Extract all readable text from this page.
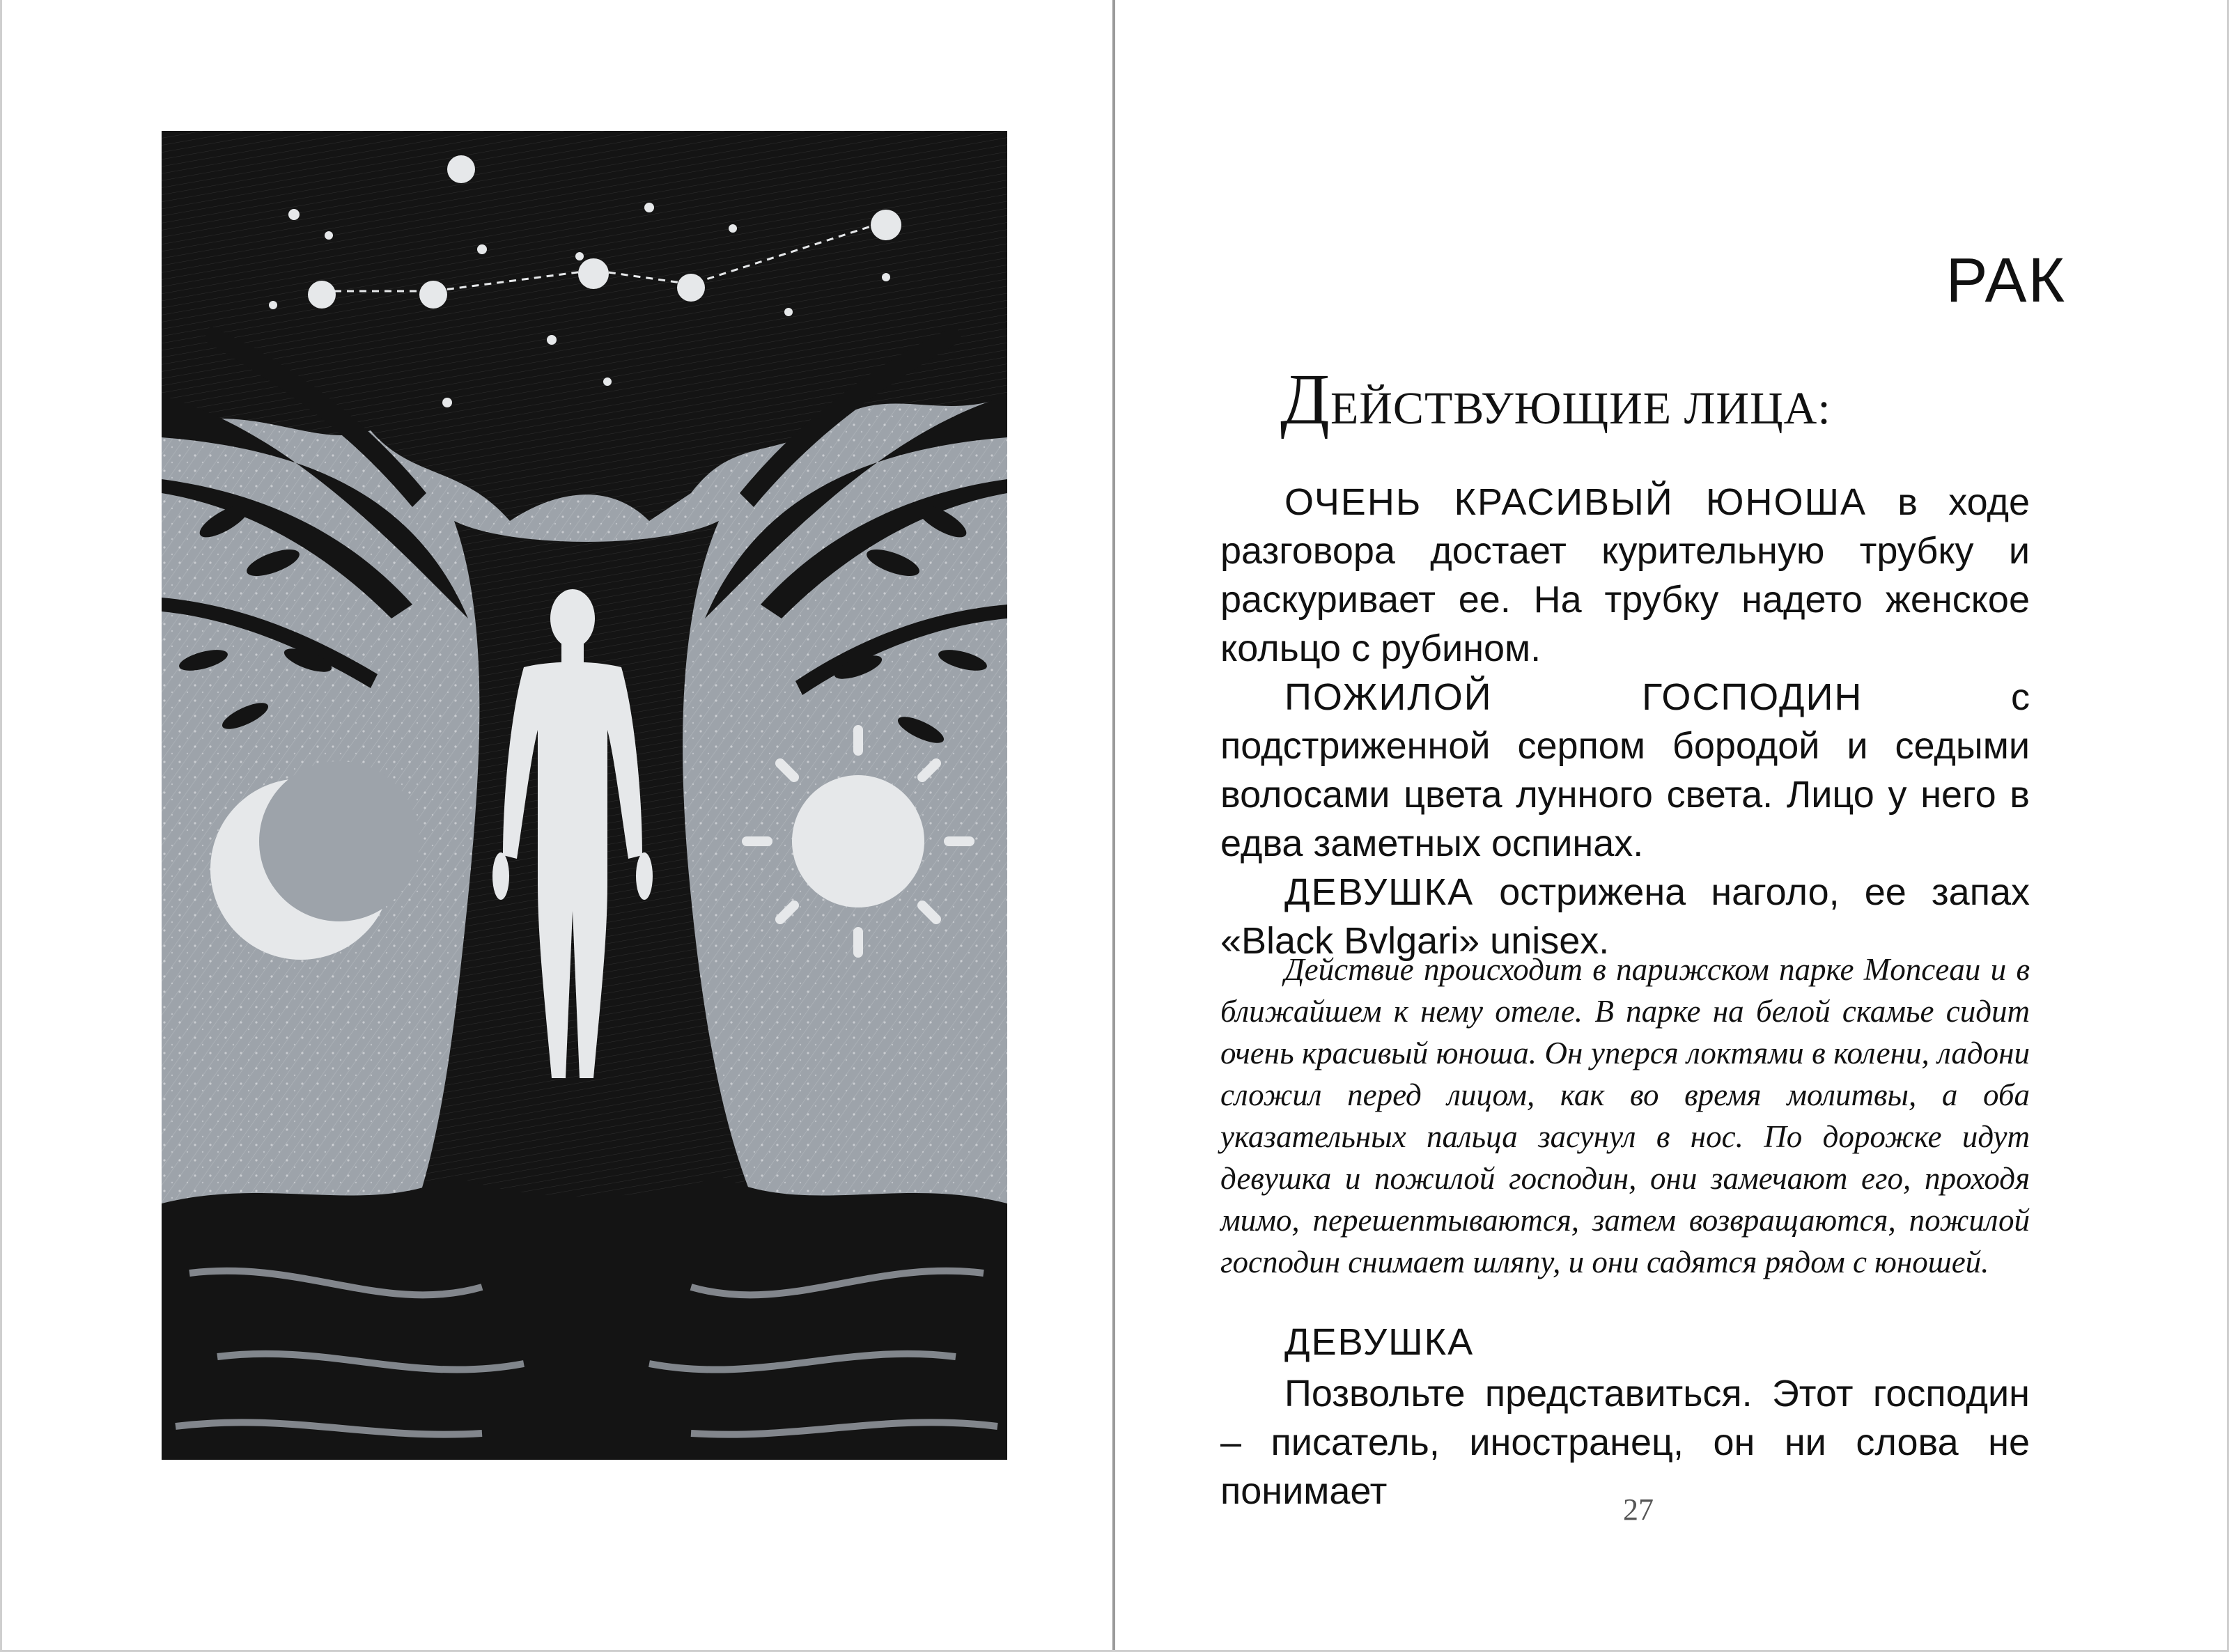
РАК
ДЕЙСТВУЮЩИЕ ЛИЦА:

ОЧЕНЬ КРАСИВЫЙ ЮНОША в ходе разговора достает курительную трубку и раскуривает ее. На трубку надето женское кольцо с рубином.

ПОЖИЛОЙ ГОСПОДИН	с подстриженной серпом бородой и седыми волосами цвета лунного света. Лицо у него в едва заметных оспинах.

ДЕВУШКА острижена наголо, ее запах «Black Bvlgari» unisex.

Действие происходит в парижском парке Monceau и в ближайшем к нему отеле. В парке на белой скамье сидит очень красивый юноша. Он уперся локтями в колени, ладони сложил перед лицом, как во время молитвы, а оба указательных пальца засунул в нос. По дорожке идут девушка и пожилой господин, они замечают его, проходя мимо, перешептываются, затем возвращаются, пожилой господин снимает шляпу, и они садятся рядом с юношей.

ДЕВУШКА

Позвольте представиться. Этот господин – писатель, иностранец, он ни слова не понимает	27
